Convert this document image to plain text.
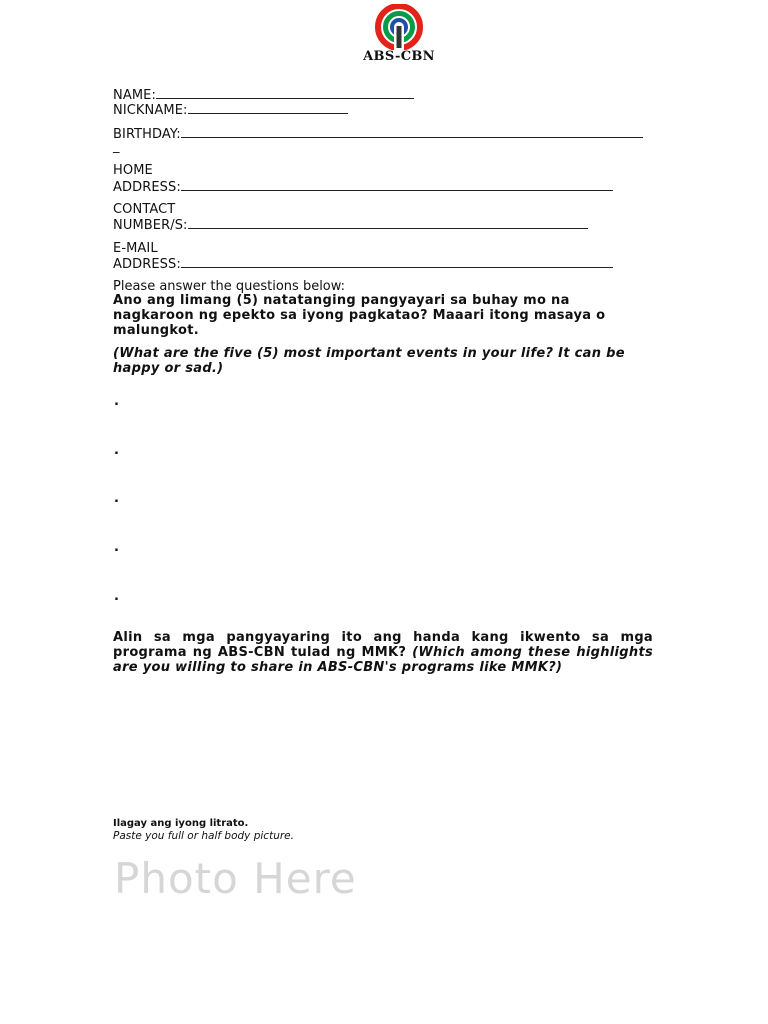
ABS-CBN
NAME:
NICKNAME:
BIRTHDAY:
_
HOME
ADDRESS:
CONTACT
NUMBER/S:
E-MAIL
ADDRESS:
Please answer the questions below:
Ano ang limang (5) natatanging pangyayari sa buhay mo na nagkaroon ng epekto sa iyong pagkatao? Maaari itong masaya o malungkot.
(What are the five (5) most important events in your life? It can be happy or sad.)
.
.
.
.
.
Alin sa mga pangyayaring ito ang handa kang ikwento sa mga programa ng ABS-CBN tulad ng MMK? (Which among these highlights are you willing to share in ABS-CBN's programs like MMK?)
Ilagay ang iyong litrato.
Paste you full or half body picture.
Photo Here
